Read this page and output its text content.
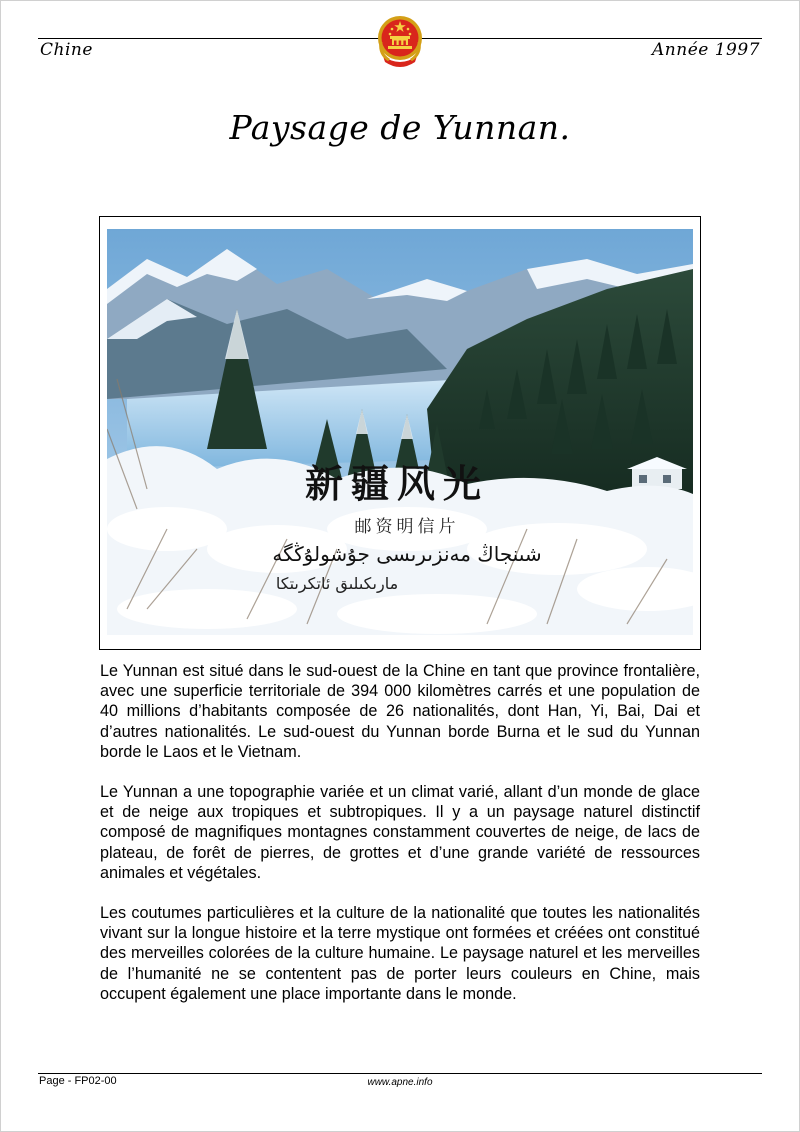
Chine	Année 1997
Paysage de Yunnan.
新疆风光
邮资明信片
شىنجاڭ مەنزىرىسى جۇشولۇڭگە
مارىكىلىق ئاتكرىتكا

Le Yunnan est situé dans le sud-ouest de la Chine en tant que province frontalière, avec une superficie territoriale de 394 000 kilomètres carrés et une population de 40 millions d’habitants composée de 26 nationalités, dont Han, Yi, Bai, Dai et d’autres nationalités. Le sud-ouest du Yunnan borde Burna et le sud du Yunnan borde le Laos et le Vietnam.

Le Yunnan a une topographie variée et un climat varié, allant d’un monde de glace et de neige aux tropiques et subtropiques. Il y a un paysage naturel distinctif composé de magnifiques montagnes constamment couvertes de neige, de lacs de plateau, de forêt de pierres, de grottes et d’une grande variété de ressources animales et végétales.

Les coutumes particulières et la culture de la nationalité que toutes les nationalités vivant sur la longue histoire et la terre mystique ont formées et créées ont constitué des merveilles colorées de la culture humaine. Le paysage naturel et les merveilles de l’humanité ne se contentent pas de porter leurs couleurs en Chine, mais occupent également une place importante dans le monde.

Page - FP02-00	www.apne.info
